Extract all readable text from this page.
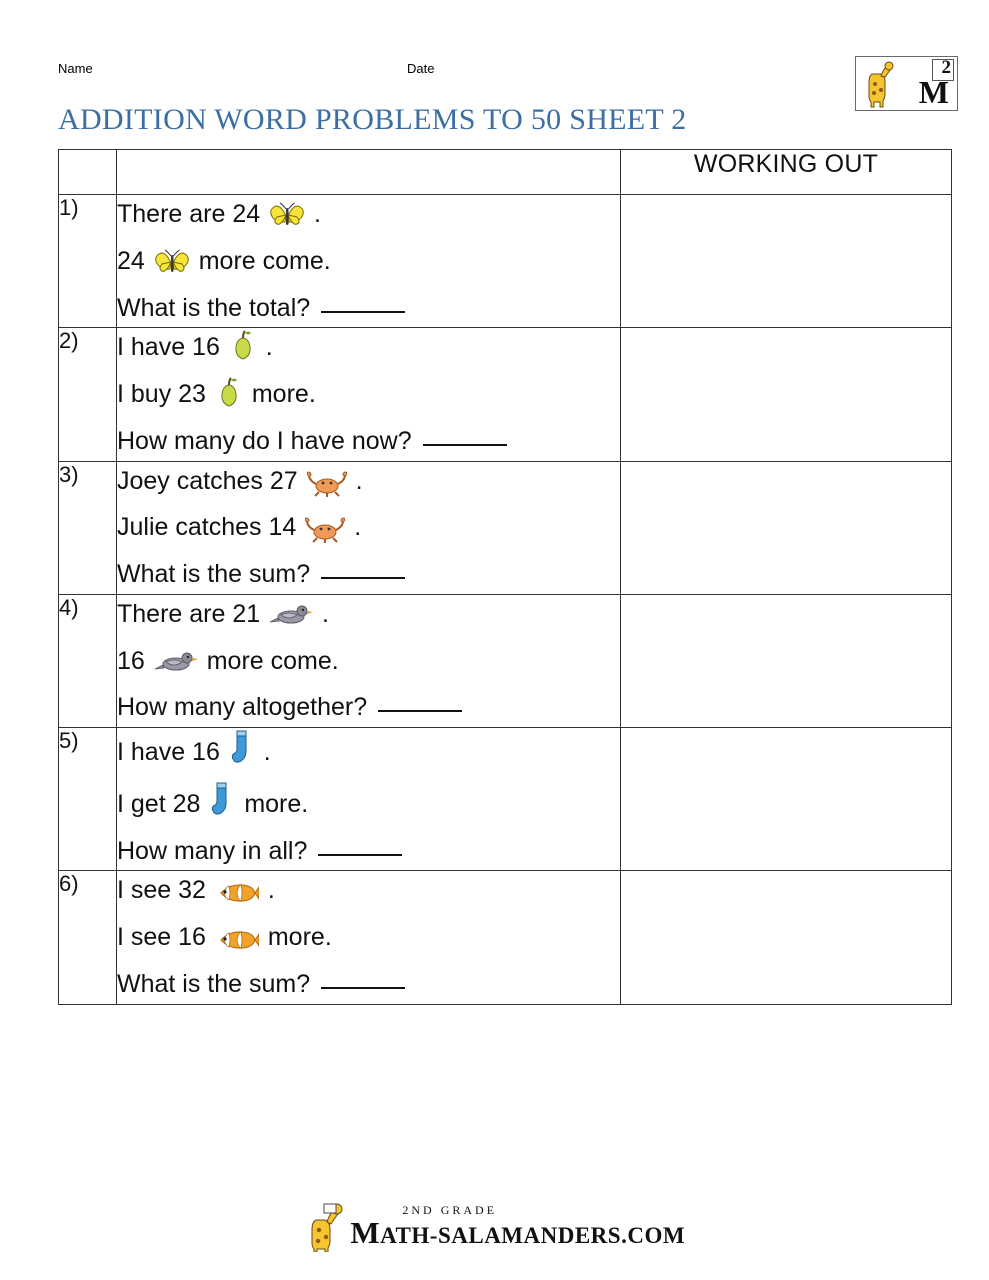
Name	Date
ADDITION WORD PROBLEMS TO 50 SHEET 2
2
M
		WORKING OUT
1)	There are 24 .
24 more come.
What is the total?	

2)	I have 16 .
I buy 23 more.
How many do I have now?	

3)	Joey catches 27 .
Julie catches 14 .
What is the sum?	

4)	There are 21 .
16 more come.
How many altogether?	

5)	I have 16 .
I get 28 more.
How many in all?	

6)	I see 32 .
I see 16 more.
What is the sum?	

2ND GRADE
MATH-SALAMANDERS.COM
